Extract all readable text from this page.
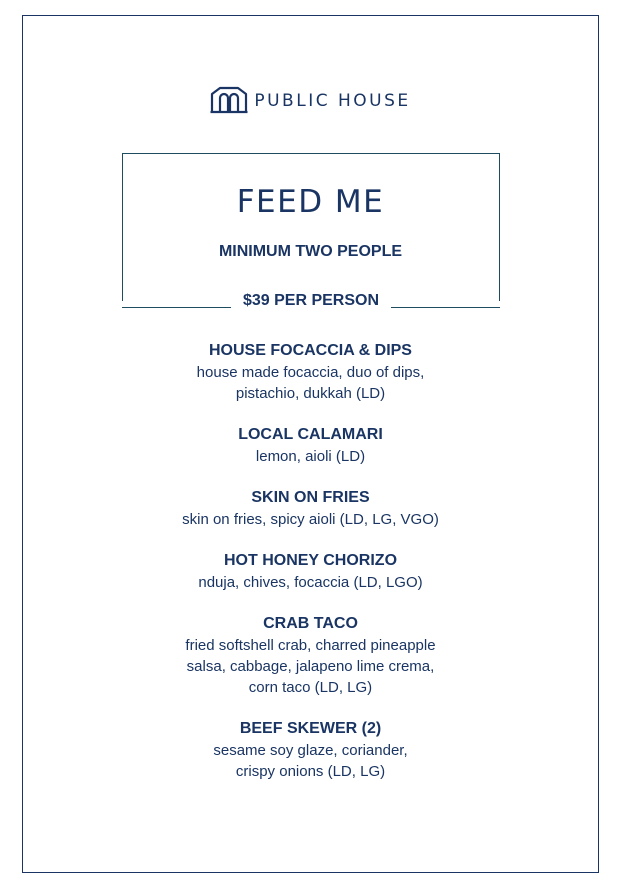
PUBLIC HOUSE
FEED ME
MINIMUM TWO PEOPLE
$39 PER PERSON
HOUSE FOCACCIA & DIPS
house made focaccia, duo of dips,
pistachio, dukkah (LD)
LOCAL CALAMARI
lemon, aioli (LD)
SKIN ON FRIES
skin on fries, spicy aioli (LD, LG, VGO)
HOT HONEY CHORIZO
nduja, chives, focaccia (LD, LGO)
CRAB TACO
fried softshell crab, charred pineapple
salsa, cabbage, jalapeno lime crema,
corn taco (LD, LG)
BEEF SKEWER (2)
sesame soy glaze, coriander,
crispy onions (LD, LG)
